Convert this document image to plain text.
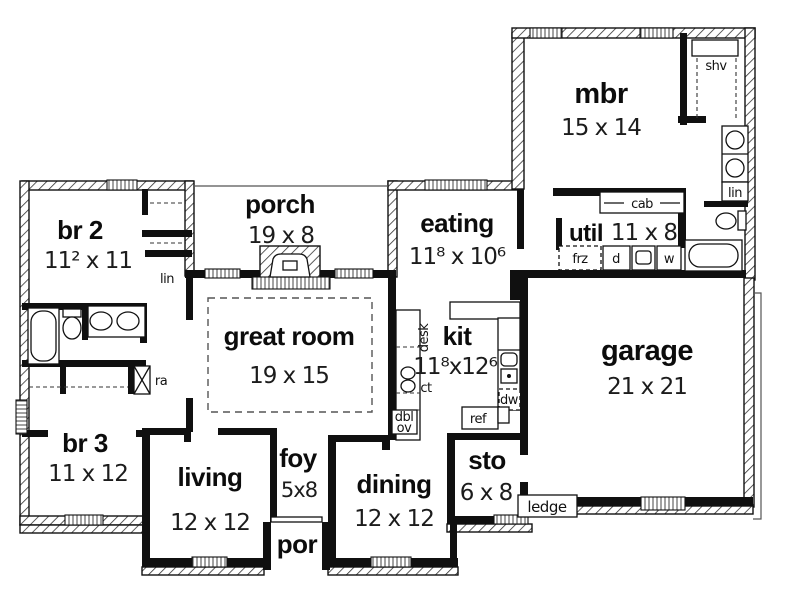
mbr
15 x 14
porch
19 x 8	eating
11⁸ x 10⁶
util 11 x 8
br 2
11² x 11
great room
19 x 15
kit
11⁸x12⁶	garage
21 x 21
br 3
11 x 12 living
12 x 12
foy
5x8 dining
12 x 12
sto
6 x 8
por
shv
lin
lin
cab
frz d	w
dw
ref
desk
ct
dbl
ov
ra
ledge
